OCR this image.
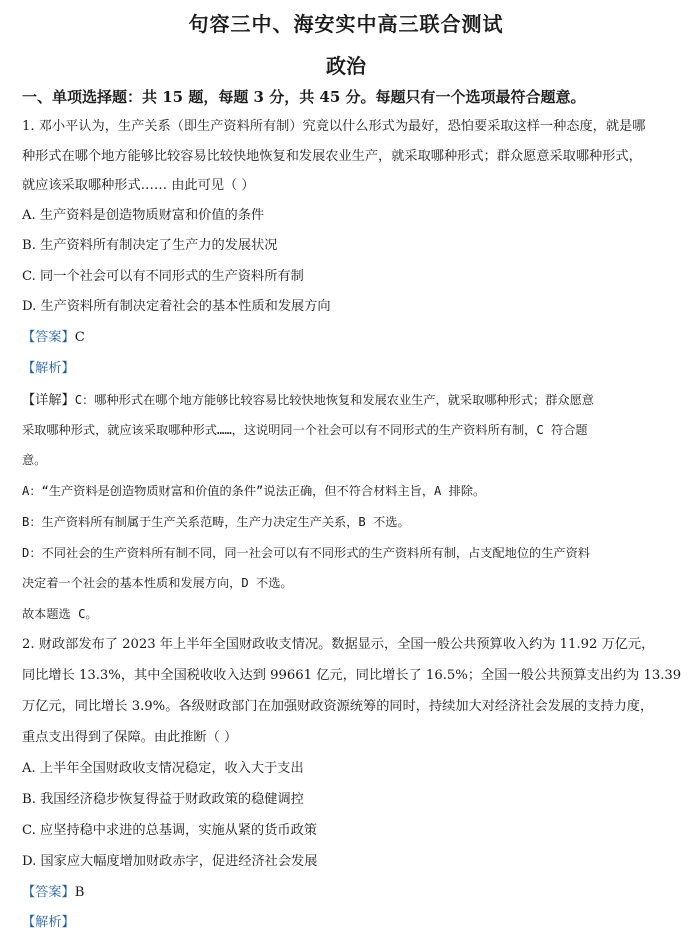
句容三中、海安实中高三联合测试
政治
一、单项选择题：共 15 题，每题 3 分，共 45 分。每题只有一个选项最符合题意。
1. 邓小平认为，生产关系（即生产资料所有制）究竟以什么形式为最好，恐怕要采取这样一种态度，就是哪
种形式在哪个地方能够比较容易比较快地恢复和发展农业生产，就采取哪种形式；群众愿意采取哪种形式，
就应该采取哪种形式…… 由此可见（ ）
A. 生产资料是创造物质财富和价值的条件
B. 生产资料所有制决定了生产力的发展状况
C. 同一个社会可以有不同形式的生产资料所有制
D. 生产资料所有制决定着社会的基本性质和发展方向
【答案】C
【解析】
【详解】C：哪种形式在哪个地方能够比较容易比较快地恢复和发展农业生产，就采取哪种形式；群众愿意
采取哪种形式，就应该采取哪种形式……，这说明同一个社会可以有不同形式的生产资料所有制，C 符合题
意。
A：“生产资料是创造物质财富和价值的条件”说法正确，但不符合材料主旨，A 排除。
B：生产资料所有制属于生产关系范畴，生产力决定生产关系，B 不选。
D：不同社会的生产资料所有制不同，同一社会可以有不同形式的生产资料所有制，占支配地位的生产资料
决定着一个社会的基本性质和发展方向，D 不选。
故本题选 C。
2. 财政部发布了 2023 年上半年全国财政收支情况。数据显示，全国一般公共预算收入约为 11.92 万亿元，
同比增长 13.3%，其中全国税收收入达到 99661 亿元，同比增长了 16.5%；全国一般公共预算支出约为 13.39
万亿元，同比增长 3.9%。各级财政部门在加强财政资源统筹的同时，持续加大对经济社会发展的支持力度，
重点支出得到了保障。由此推断（ ）
A. 上半年全国财政收支情况稳定，收入大于支出
B. 我国经济稳步恢复得益于财政政策的稳健调控
C. 应坚持稳中求进的总基调，实施从紧的货币政策
D. 国家应大幅度增加财政赤字，促进经济社会发展
【答案】B
【解析】
